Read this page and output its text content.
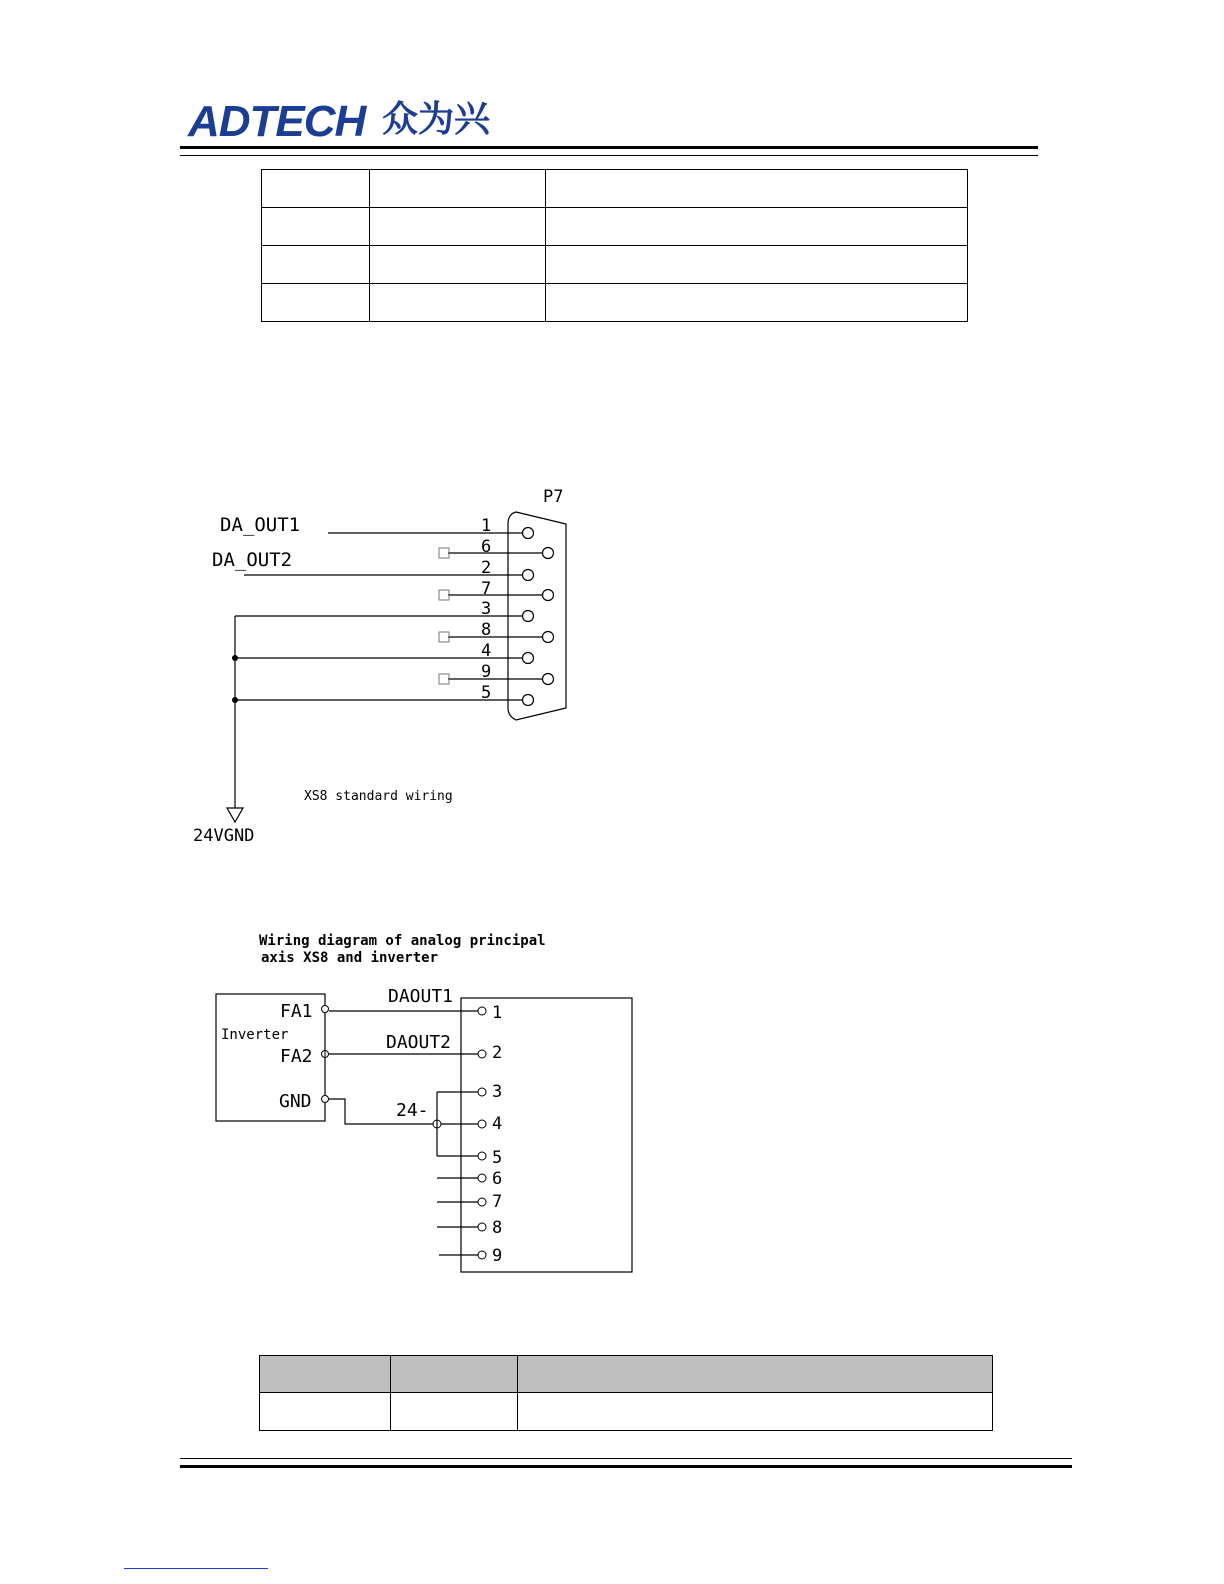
ADTECH 众为兴

P7
DA_OUT1
DA_OUT2
1
6
2
7
3
8
4
9
5
24VGND
XS8 standard wiring
Wiring diagram of analog principal
axis XS8 and inverter
Inverter
FA1
FA2
GND
DAOUT1
DAOUT2
24-
1
2
3
4
5
6
7
8
9
